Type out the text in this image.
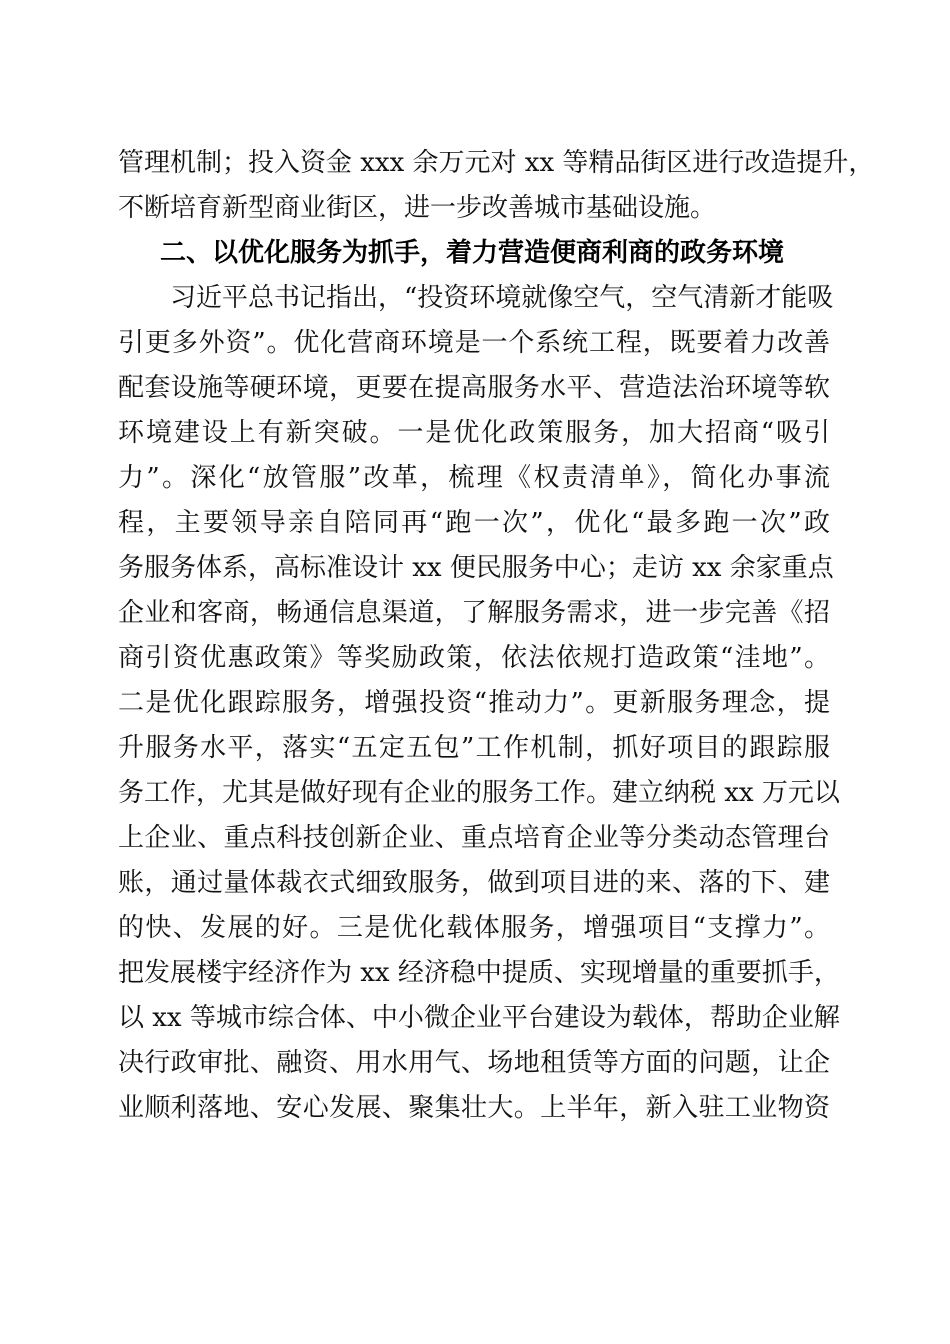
管理机制；投入资金 xxx 余万元对 xx 等精品街区进行改造提升，
不断培育新型商业街区，进一步改善城市基础设施。
二、以优化服务为抓手，着力营造便商利商的政务环境
习近平总书记指出，“投资环境就像空气，空气清新才能吸
引更多外资”。优化营商环境是一个系统工程，既要着力改善
配套设施等硬环境，更要在提高服务水平、营造法治环境等软
环境建设上有新突破。一是优化政策服务，加大招商“吸引
力”。深化“放管服”改革，梳理《权责清单》，简化办事流
程，主要领导亲自陪同再“跑一次”，优化“最多跑一次”政
务服务体系，高标准设计 xx 便民服务中心；走访 xx 余家重点
企业和客商，畅通信息渠道，了解服务需求，进一步完善《招
商引资优惠政策》等奖励政策，依法依规打造政策“洼地”。
二是优化跟踪服务，增强投资“推动力”。更新服务理念，提
升服务水平，落实“五定五包”工作机制，抓好项目的跟踪服
务工作，尤其是做好现有企业的服务工作。建立纳税 xx 万元以
上企业、重点科技创新企业、重点培育企业等分类动态管理台
账，通过量体裁衣式细致服务，做到项目进的来、落的下、建
的快、发展的好。三是优化载体服务，增强项目“支撑力”。
把发展楼宇经济作为 xx 经济稳中提质、实现增量的重要抓手，
以 xx 等城市综合体、中小微企业平台建设为载体，帮助企业解
决行政审批、融资、用水用气、场地租赁等方面的问题，让企
业顺利落地、安心发展、聚集壮大。上半年，新入驻工业物资
